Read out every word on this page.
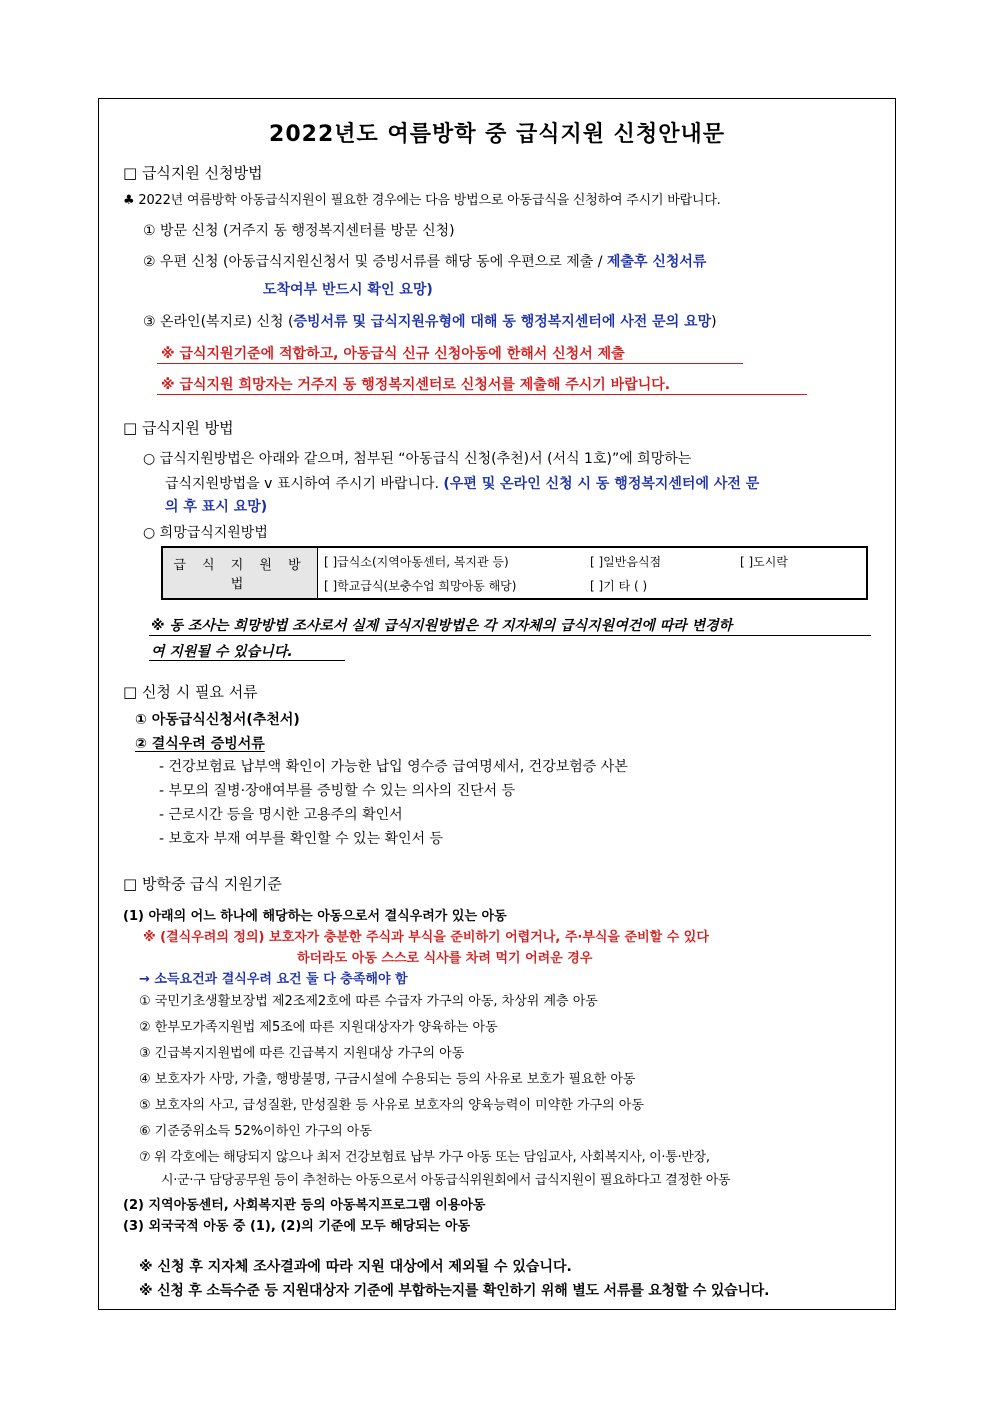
2022년도 여름방학 중 급식지원 신청안내문
□ 급식지원 신청방법
♣ 2022년 여름방학 아동급식지원이 필요한 경우에는 다음 방법으로 아동급식을 신청하여 주시기 바랍니다.
① 방문 신청 (거주지 동 행정복지센터를 방문 신청)
② 우편 신청 (아동급식지원신청서 및 증빙서류를 해당 동에 우편으로 제출 / 제출후 신청서류
도착여부 반드시 확인 요망)
③ 온라인(복지로) 신청 (증빙서류 및 급식지원유형에 대해 동 행정복지센터에 사전 문의 요망)
※ 급식지원기준에 적합하고, 아동급식 신규 신청아동에 한해서 신청서 제출
※ 급식지원 희망자는 거주지 동 행정복지센터로 신청서를 제출해 주시기 바랍니다.
□ 급식지원 방법
○ 급식지원방법은 아래와 같으며, 첨부된 “아동급식 신청(추천)서 (서식 1호)”에 희망하는
급식지원방법을 v 표시하여 주시기 바랍니다. (우편 및 온라인 신청 시 동 행정복지센터에 사전 문
의 후 표시 요망)
○ 희망급식지원방법
급 식 지 원 방 법	
[ ]급식소(지역아동센터, 복지관 등)	[ ]일반음식점	[ ]도시락
[ ]학교급식(보충수업 희망아동 해당)	[ ]기 타 ( )
※ 동 조사는 희망방법 조사로서 실제 급식지원방법은 각 지자체의 급식지원여건에 따라 변경하
여 지원될 수 있습니다.
□ 신청 시 필요 서류
① 아동급식신청서(추천서)
② 결식우려 증빙서류
- 건강보험료 납부액 확인이 가능한 납입 영수증 급여명세서, 건강보험증 사본
- 부모의 질병·장애여부를 증빙할 수 있는 의사의 진단서 등
- 근로시간 등을 명시한 고용주의 확인서
- 보호자 부재 여부를 확인할 수 있는 확인서 등
□ 방학중 급식 지원기준
(1) 아래의 어느 하나에 해당하는 아동으로서 결식우려가 있는 아동
※ (결식우려의 정의) 보호자가 충분한 주식과 부식을 준비하기 어렵거나, 주·부식을 준비할 수 있다
하더라도 아동 스스로 식사를 차려 먹기 어려운 경우
→ 소득요건과 결식우려 요건 둘 다 충족해야 함
① 국민기초생활보장법 제2조제2호에 따른 수급자 가구의 아동, 차상위 계층 아동
② 한부모가족지원법 제5조에 따른 지원대상자가 양육하는 아동
③ 긴급복지지원법에 따른 긴급복지 지원대상 가구의 아동
④ 보호자가 사망, 가출, 행방불명, 구금시설에 수용되는 등의 사유로 보호가 필요한 아동
⑤ 보호자의 사고, 급성질환, 만성질환 등 사유로 보호자의 양육능력이 미약한 가구의 아동
⑥ 기준중위소득 52%이하인 가구의 아동
⑦ 위 각호에는 해당되지 않으나 최저 건강보험료 납부 가구 아동 또는 담임교사, 사회복지사, 이·통·반장,
시·군·구 담당공무원 등이 추천하는 아동으로서 아동급식위원회에서 급식지원이 필요하다고 결정한 아동
(2) 지역아동센터, 사회복지관 등의 아동복지프로그램 이용아동
(3) 외국국적 아동 중 (1), (2)의 기준에 모두 해당되는 아동
※ 신청 후 지자체 조사결과에 따라 지원 대상에서 제외될 수 있습니다.
※ 신청 후 소득수준 등 지원대상자 기준에 부합하는지를 확인하기 위해 별도 서류를 요청할 수 있습니다.
